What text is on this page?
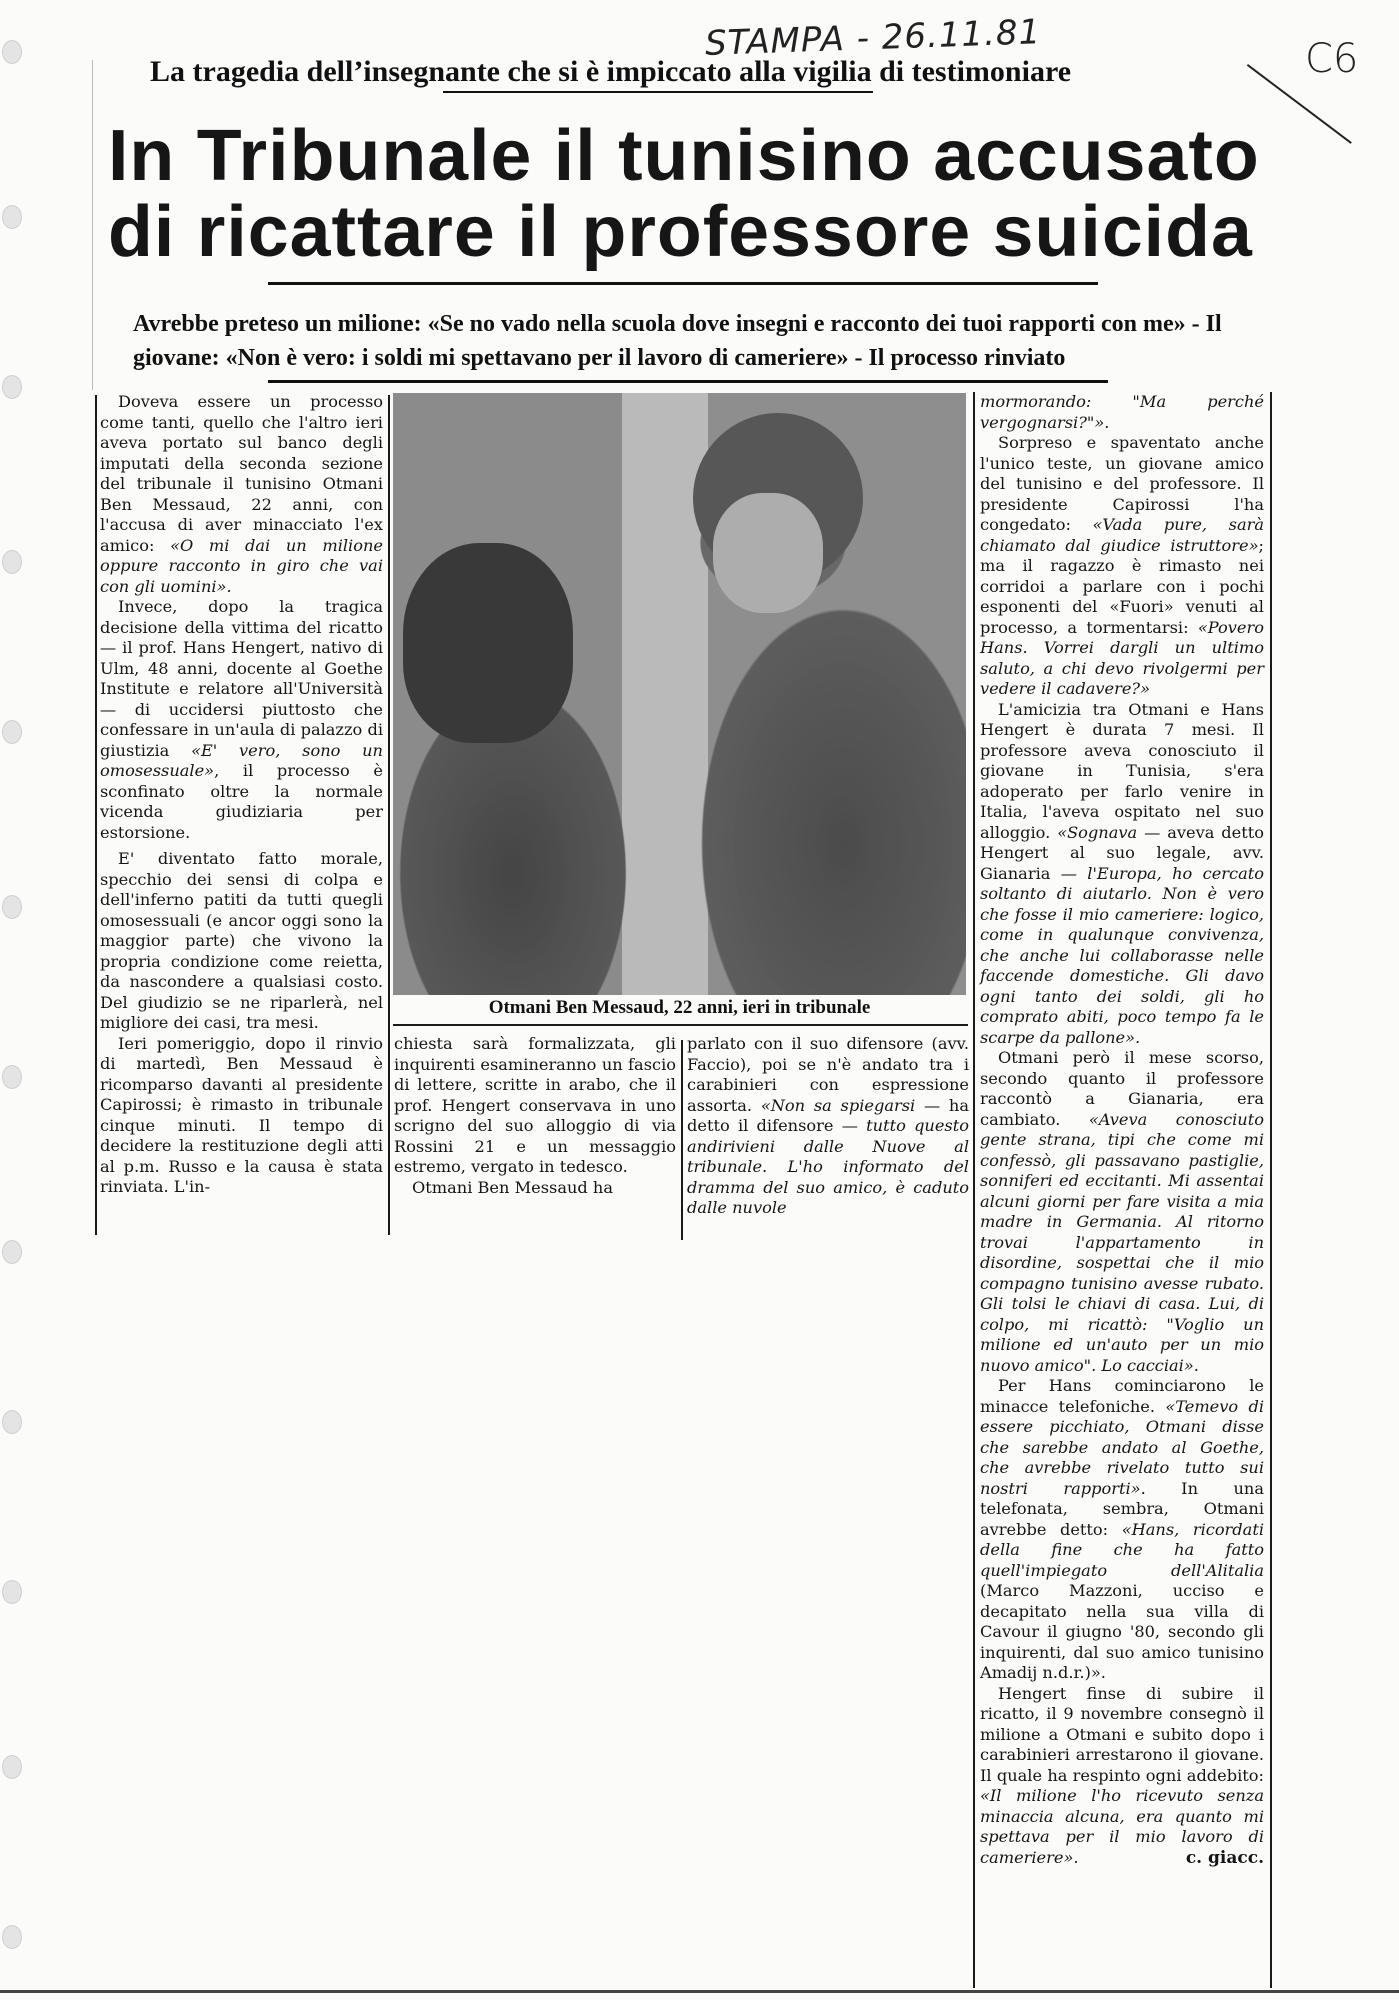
STAMPA - 26.11.81	C6
La tragedia dell’insegnante che si è impiccato alla vigilia di testimoniare
In Tribunale il tunisino accusato
di ricattare il professore suicida
Avrebbe preteso un milione: «Se no vado nella scuola dove insegni e racconto dei tuoi rapporti con me» - Il giovane: «Non è vero: i soldi mi spettavano per il lavoro di cameriere» - Il processo rinviato

Doveva essere un processo come tanti, quello che l'altro ieri aveva portato sul banco degli imputati della seconda sezione del tribunale il tunisino Otmani Ben Messaud, 22 anni, con l'accusa di aver minacciato l'ex amico: «O mi dai un milione oppure racconto in giro che vai con gli uomini».

Invece, dopo la tragica decisione della vittima del ricatto — il prof. Hans Hengert, nativo di Ulm, 48 anni, docente al Goethe Institute e relatore all'Università — di uccidersi piuttosto che confessare in un'aula di palazzo di giustizia «E' vero, sono un omosessuale», il processo è sconfinato oltre la normale vicenda giudiziaria per estorsione.

E' diventato fatto morale, specchio dei sensi di colpa e dell'inferno patiti da tutti quegli omosessuali (e ancor oggi sono la maggior parte) che vivono la propria condizione come reietta, da nascondere a qualsiasi costo. Del giudizio se ne riparlerà, nel migliore dei casi, tra mesi.

Ieri pomeriggio, dopo il rinvio di martedì, Ben Messaud è ricomparso davanti al presidente Capirossi; è rimasto in tribunale cinque minuti. Il tempo di decidere la restituzione degli atti al p.m. Russo e la causa è stata rinviata. L'in-

Otmani Ben Messaud, 22 anni, ieri in tribunale

chiesta sarà formalizzata, gli inquirenti esamineranno un fascio di lettere, scritte in arabo, che il prof. Hengert conservava in uno scrigno del suo alloggio di via Rossini 21 e un messaggio estremo, vergato in tedesco.

Otmani Ben Messaud ha

parlato con il suo difensore (avv. Faccio), poi se n'è andato tra i carabinieri con espressione assorta. «Non sa spiegarsi — ha detto il difensore — tutto questo andirivieni dalle Nuove al tribunale. L'ho informato del dramma del suo amico, è caduto dalle nuvole

mormorando: "Ma perché vergognarsi?"».

Sorpreso e spaventato anche l'unico teste, un giovane amico del tunisino e del professore. Il presidente Capirossi l'ha congedato: «Vada pure, sarà chiamato dal giudice istruttore»; ma il ragazzo è rimasto nei corridoi a parlare con i pochi esponenti del «Fuori» venuti al processo, a tormentarsi: «Povero Hans. Vorrei dargli un ultimo saluto, a chi devo rivolgermi per vedere il cadavere?»

L'amicizia tra Otmani e Hans Hengert è durata 7 mesi. Il professore aveva conosciuto il giovane in Tunisia, s'era adoperato per farlo venire in Italia, l'aveva ospitato nel suo alloggio. «Sognava — aveva detto Hengert al suo legale, avv. Gianaria — l'Europa, ho cercato soltanto di aiutarlo. Non è vero che fosse il mio cameriere: logico, come in qualunque convivenza, che anche lui collaborasse nelle faccende domestiche. Gli davo ogni tanto dei soldi, gli ho comprato abiti, poco tempo fa le scarpe da pallone».

Otmani però il mese scorso, secondo quanto il professore raccontò a Gianaria, era cambiato. «Aveva conosciuto gente strana, tipi che come mi confessò, gli passavano pastiglie, sonniferi ed eccitanti. Mi assentai alcuni giorni per fare visita a mia madre in Germania. Al ritorno trovai l'appartamento in disordine, sospettai che il mio compagno tunisino avesse rubato. Gli tolsi le chiavi di casa. Lui, di colpo, mi ricattò: "Voglio un milione ed un'auto per un mio nuovo amico". Lo cacciai».

Per Hans cominciarono le minacce telefoniche. «Temevo di essere picchiato, Otmani disse che sarebbe andato al Goethe, che avrebbe rivelato tutto sui nostri rapporti». In una telefonata, sembra, Otmani avrebbe detto: «Hans, ricordati della fine che ha fatto quell'impiegato dell'Alitalia (Marco Mazzoni, ucciso e decapitato nella sua villa di Cavour il giugno '80, secondo gli inquirenti, dal suo amico tunisino Amadij n.d.r.)».

Hengert finse di subire il ricatto, il 9 novembre consegnò il milione a Otmani e subito dopo i carabinieri arrestarono il giovane. Il quale ha respinto ogni addebito: «Il milione l'ho ricevuto senza minaccia alcuna, era quanto mi spettava per il mio lavoro di cameriere».	c. giacc.
